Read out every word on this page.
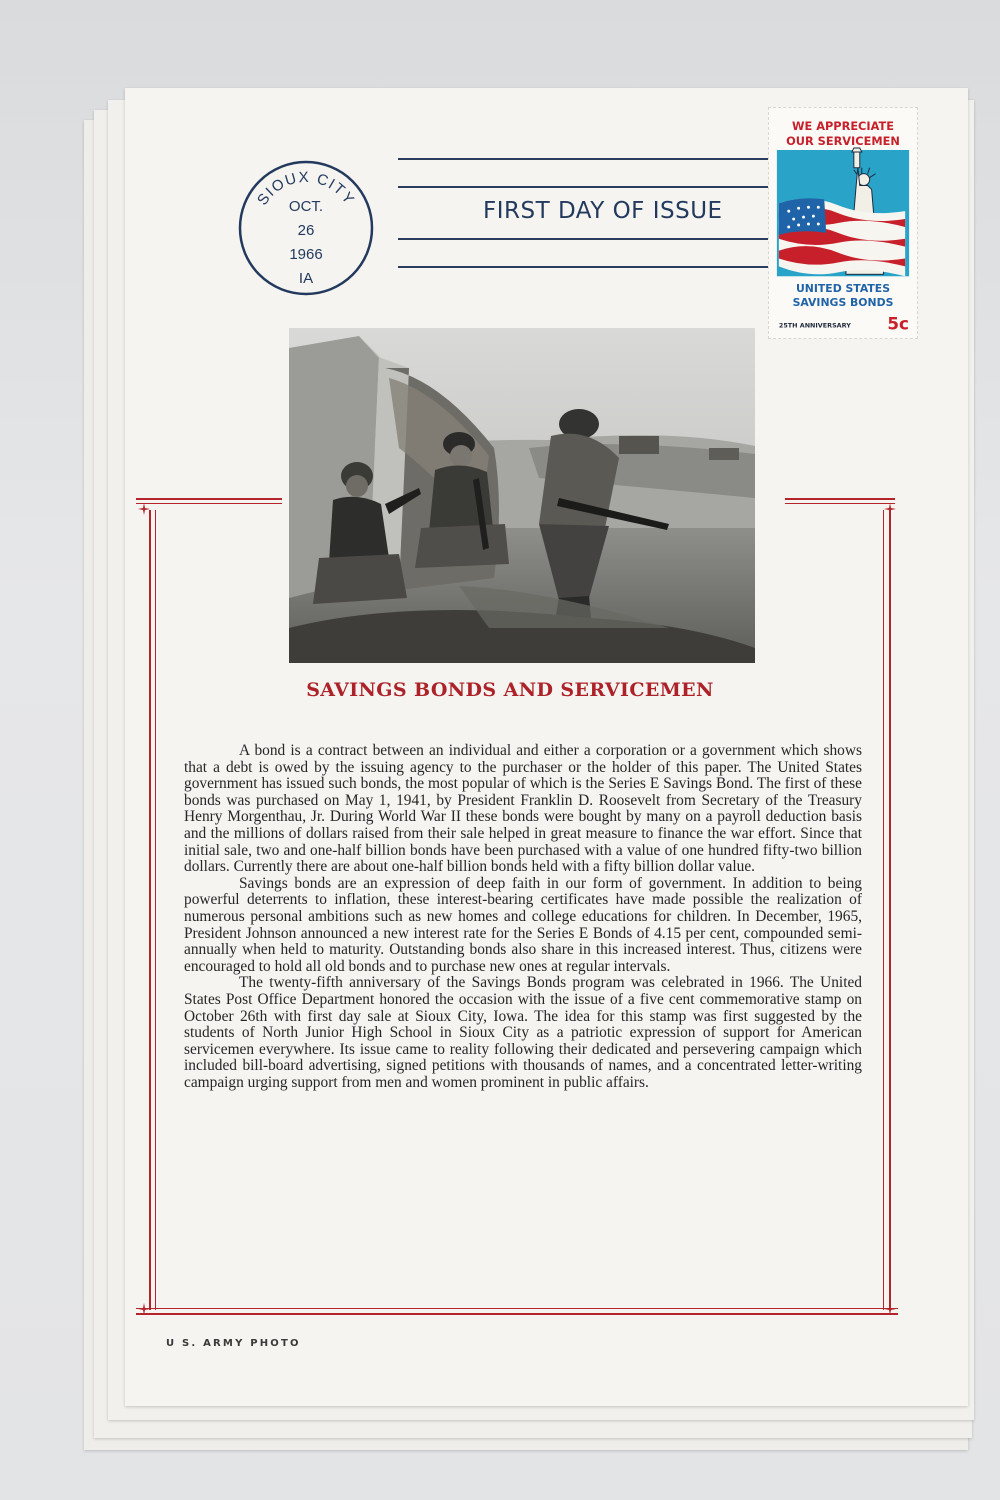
SIOUX CITY
OCT.
26
1966
IA
FIRST DAY OF ISSUE
WE APPRECIATE
OUR SERVICEMEN
UNITED STATES
SAVINGS BONDS
25TH ANNIVERSARY 5c
SAVINGS BONDS AND SERVICEMEN

A bond is a contract between an individual and either a corporation or a government which shows that a debt is owed by the issuing agency to the purchaser or the holder of this paper. The United States government has issued such bonds, the most popular of which is the Series E Savings Bond. The first of these bonds was purchased on May 1, 1941, by President Franklin D. Roosevelt from Secretary of the Treasury Henry Morgenthau, Jr. During World War II these bonds were bought by many on a payroll deduction basis and the millions of dollars raised from their sale helped in great measure to finance the war effort. Since that initial sale, two and one-half billion bonds have been purchased with a value of one hundred fifty-two billion dollars. Currently there are about one-half billion bonds held with a fifty billion dollar value.

Savings bonds are an expression of deep faith in our form of government. In addition to being powerful deterrents to inflation, these interest-bearing certificates have made possible the realization of numerous personal ambitions such as new homes and college educations for children. In December, 1965, President Johnson announced a new interest rate for the Series E Bonds of 4.15 per cent, compounded semi-annually when held to maturity. Outstanding bonds also share in this increased interest. Thus, citizens were encouraged to hold all old bonds and to purchase new ones at regular intervals.

The twenty-fifth anniversary of the Savings Bonds program was celebrated in 1966. The United States Post Office Department honored the occasion with the issue of a five cent commemorative stamp on October 26th with first day sale at Sioux City, Iowa. The idea for this stamp was first suggested by the students of North Junior High School in Sioux City as a patriotic expression of support for American servicemen everywhere. Its issue came to reality following their dedicated and persevering campaign which included bill-board advertising, signed petitions with thousands of names, and a concentrated letter-writing campaign urging support from men and women prominent in public affairs.

U S. ARMY PHOTO
